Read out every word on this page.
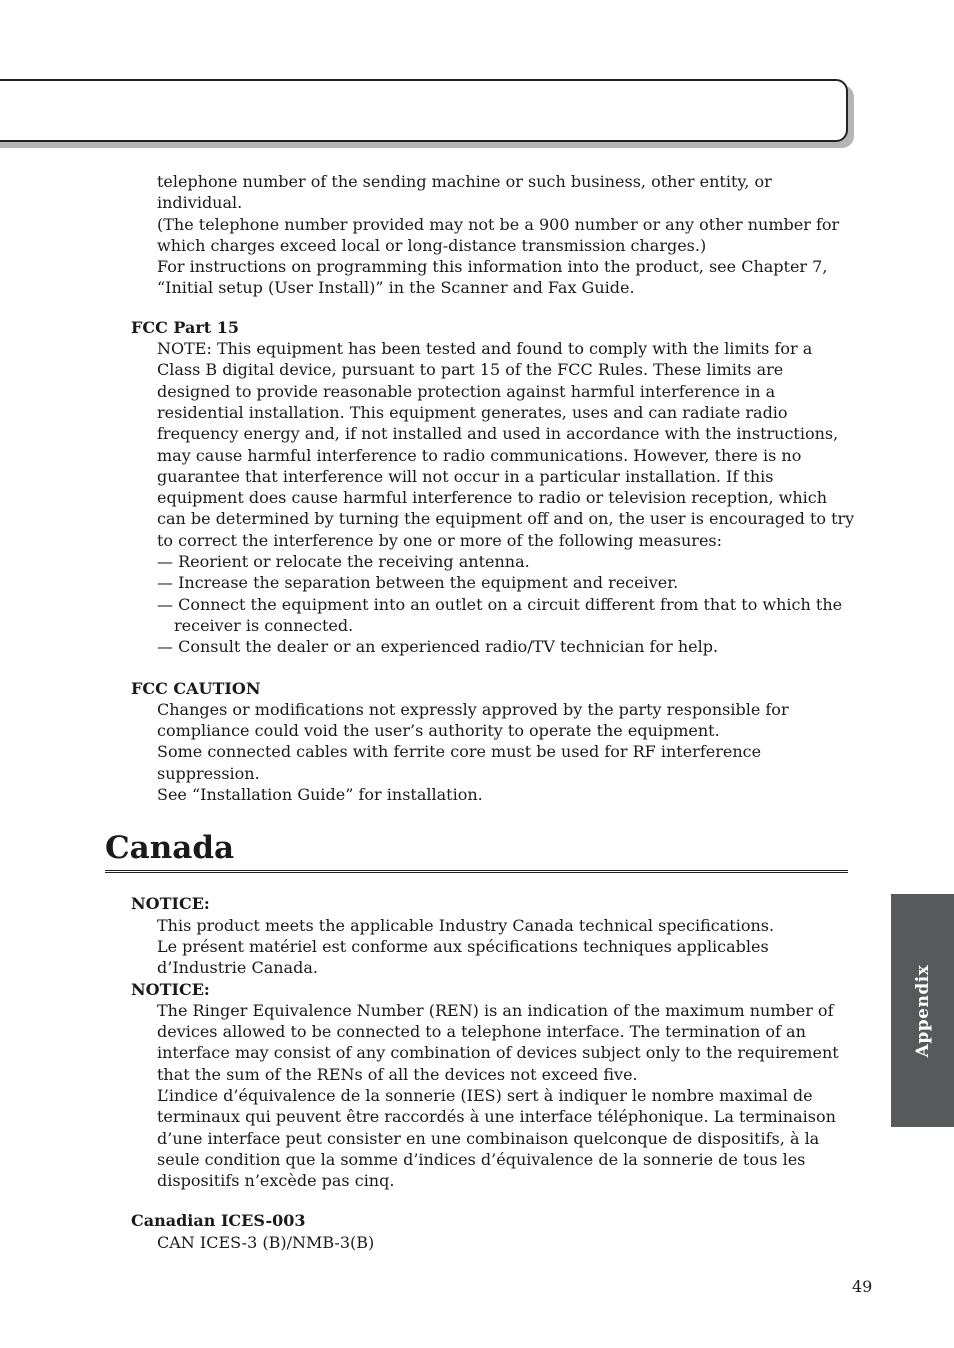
telephone number of the sending machine or such business, other entity, or individual.

(The telephone number provided may not be a 900 number or any other number for which charges exceed local or long-distance transmission charges.)

For instructions on programming this information into the product, see Chapter 7, “Initial setup (User Install)” in the Scanner and Fax Guide.

FCC Part 15

NOTE: This equipment has been tested and found to comply with the limits for a Class B digital device, pursuant to part 15 of the FCC Rules. These limits are designed to provide reasonable protection against harmful interference in a residential installation. This equipment generates, uses and can radiate radio frequency energy and, if not installed and used in accordance with the instructions, may cause harmful interference to radio communications. However, there is no guarantee that interference will not occur in a particular installation. If this equipment does cause harmful interference to radio or television reception, which can be determined by turning the equipment off and on, the user is encouraged to try to correct the interference by one or more of the following measures:

— Reorient or relocate the receiving antenna.

— Increase the separation between the equipment and receiver.

— Connect the equipment into an outlet on a circuit different from that to which the receiver is connected.

— Consult the dealer or an experienced radio/TV technician for help.

FCC CAUTION

Changes or modifications not expressly approved by the party responsible for compliance could void the user’s authority to operate the equipment.

Some connected cables with ferrite core must be used for RF interference suppression.

See “Installation Guide” for installation.

Canada
NOTICE:

This product meets the applicable Industry Canada technical specifications.

Le présent matériel est conforme aux spécifications techniques applicables d’Industrie Canada.

NOTICE:

The Ringer Equivalence Number (REN) is an indication of the maximum number of devices allowed to be connected to a telephone interface. The termination of an interface may consist of any combination of devices subject only to the requirement that the sum of the RENs of all the devices not exceed five.

L’indice d’équivalence de la sonnerie (IES) sert à indiquer le nombre maximal de terminaux qui peuvent être raccordés à une interface téléphonique. La terminaison d’une interface peut consister en une combinaison quelconque de dispositifs, à la seule condition que la somme d’indices d’équivalence de la sonnerie de tous les dispositifs n’excède pas cinq.

Canadian ICES-003

CAN ICES-3 (B)/NMB-3(B)

Appendix
49
